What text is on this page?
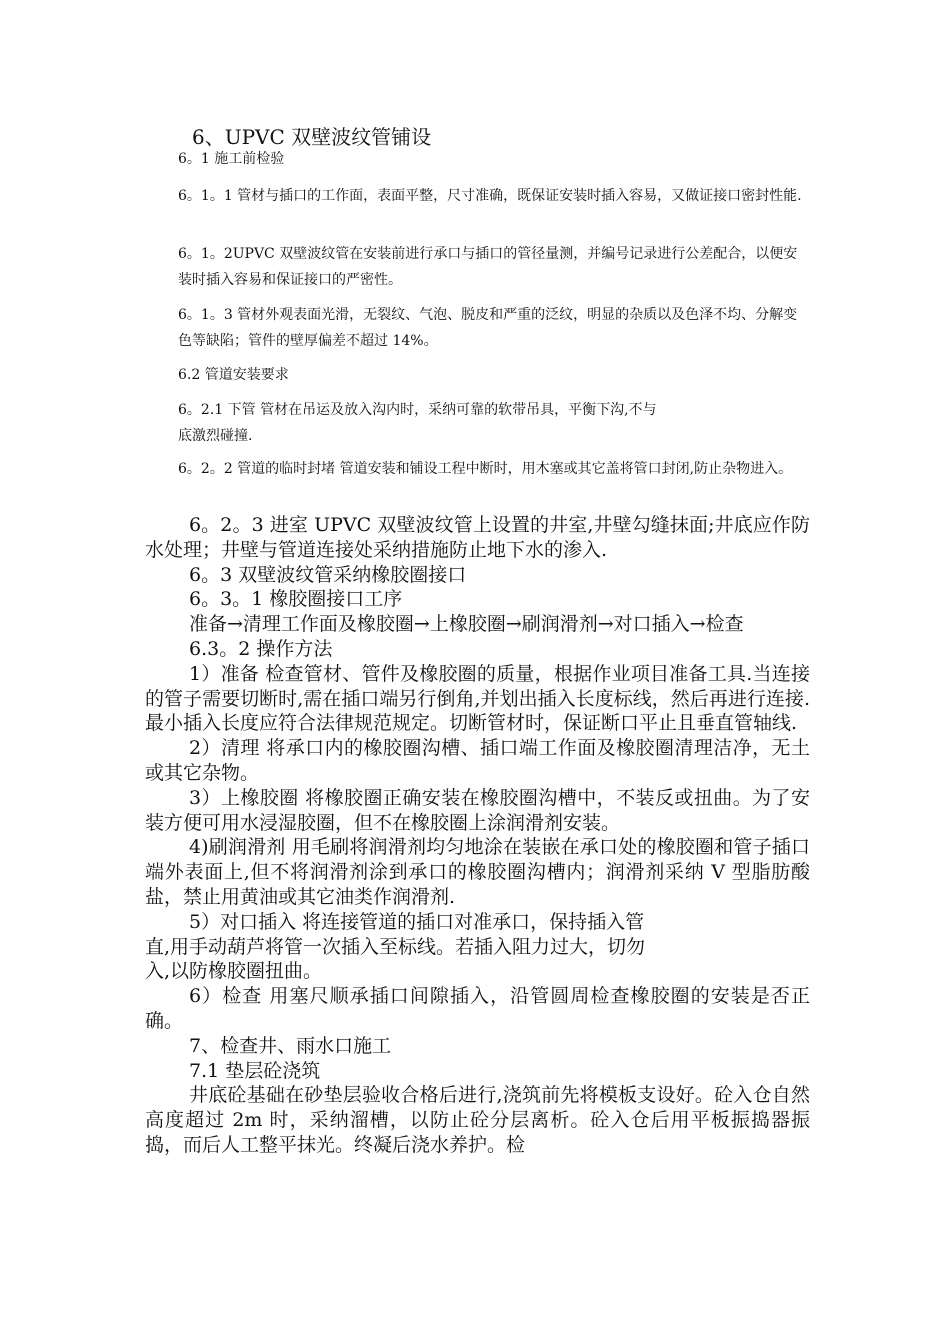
6、UPVC 双壁波纹管铺设

6。1 施工前检验

6。1。1 管材与插口的工作面，表面平整，尺寸准确，既保证安装时插入容易，又做证接口密封性能.

6。1。2UPVC 双壁波纹管在安装前进行承口与插口的管径量测，并编号记录进行公差配合，以便安装时插入容易和保证接口的严密性。

6。1。3 管材外观表面光滑，无裂纹、气泡、脱皮和严重的泛纹，明显的杂质以及色泽不均、分解变色等缺陷；管件的壁厚偏差不超过 14%。

6.2 管道安装要求

6。2.1 下管 管材在吊运及放入沟内时，采纳可靠的软带吊具，平衡下沟,不与

底激烈碰撞.

6。2。2 管道的临时封堵 管道安装和铺设工程中断时，用木塞或其它盖将管口封闭,防止杂物进入。

6。2。3 进室 UPVC 双壁波纹管上设置的井室,井壁勾缝抹面;井底应作防水处理；井壁与管道连接处采纳措施防止地下水的渗入.

6。3 双壁波纹管采纳橡胶圈接口

6。3。1 橡胶圈接口工序

准备→清理工作面及橡胶圈→上橡胶圈→刷润滑剂→对口插入→检查

6.3。2 操作方法

1）准备 检查管材、管件及橡胶圈的质量，根据作业项目准备工具.当连接的管子需要切断时,需在插口端另行倒角,并划出插入长度标线，然后再进行连接.最小插入长度应符合法律规范规定。切断管材时，保证断口平止且垂直管轴线.

2）清理 将承口内的橡胶圈沟槽、插口端工作面及橡胶圈清理洁净，无土或其它杂物。

3）上橡胶圈 将橡胶圈正确安装在橡胶圈沟槽中，不装反或扭曲。为了安装方便可用水浸湿胶圈，但不在橡胶圈上涂润滑剂安装。

4)刷润滑剂 用毛刷将润滑剂均匀地涂在装嵌在承口处的橡胶圈和管子插口端外表面上,但不将润滑剂涂到承口的橡胶圈沟槽内；润滑剂采纳 V 型脂肪酸盐，禁止用黄油或其它油类作润滑剂.

5）对口插入 将连接管道的插口对准承口，保持插入管

直,用手动葫芦将管一次插入至标线。若插入阻力过大，切勿

入,以防橡胶圈扭曲。

6）检查 用塞尺顺承插口间隙插入，沿管圆周检查橡胶圈的安装是否正确。

7、检查井、雨水口施工

7.1 垫层砼浇筑

井底砼基础在砂垫层验收合格后进行,浇筑前先将模板支设好。砼入仓自然高度超过 2m 时，采纳溜槽，以防止砼分层离析。砼入仓后用平板振捣器振捣，而后人工整平抹光。终凝后浇水养护。检
